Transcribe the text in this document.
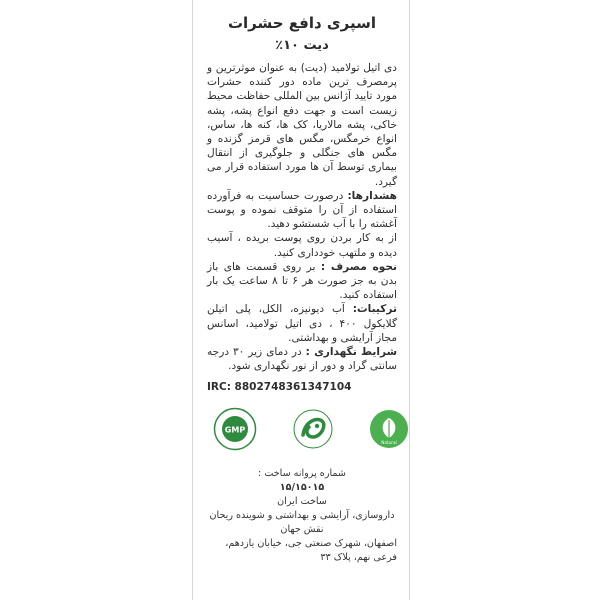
اسپری دافع حشرات
دیت ۱۰٪

دی اتیل تولامید (دیت) به عنوان موثرترین و پرمصرف ترین ماده دور کننده حشرات مورد تایید آژانس بین المللی حفاظت محیط زیست است و جهت دفع انواع پشه، پشه خاکی، پشه مالاریا، کک ها، کنه ها، ساس، انواع خرمگس، مگس های قرمز گزنده و مگس های جنگلی و جلوگیری از انتقال بیماری توسط آن ها مورد استفاده قرار می گیرد.

هشدارها: درصورت حساسیت به فرآورده استفاده از آن را متوقف نموده و پوست آغشته را با آب شستشو دهید.

از به کار بردن روی پوست بریده ، آسیب دیده و ملتهب خودداری کنید.

نحوه مصرف : بر روی قسمت های باز بدن به جز صورت هر ۶ تا ۸ ساعت یک بار استفاده کنید.

ترکیبات: آب دیونیزه، الکل، پلی اتیلن گلایکول ۴۰۰ ، دی اتیل تولامید، اسانس مجاز آرایشی و بهداشتی.

شرایط نگهداری : در دمای زیر ۳۰ درجه سانتی گراد و دور از نور نگهداری شود.

IRC: 8802748361347104
GMP
Natural
شماره پروانه ساخت :
۱۵/۱۵۰۱۵
ساخت ایران
داروسازی، آرایشی و بهداشتی و شوینده ریحان نقش جهان
اصفهان، شهرک صنعتی جی، خیابان یازدهم، فرعی نهم، پلاک ۳۳
